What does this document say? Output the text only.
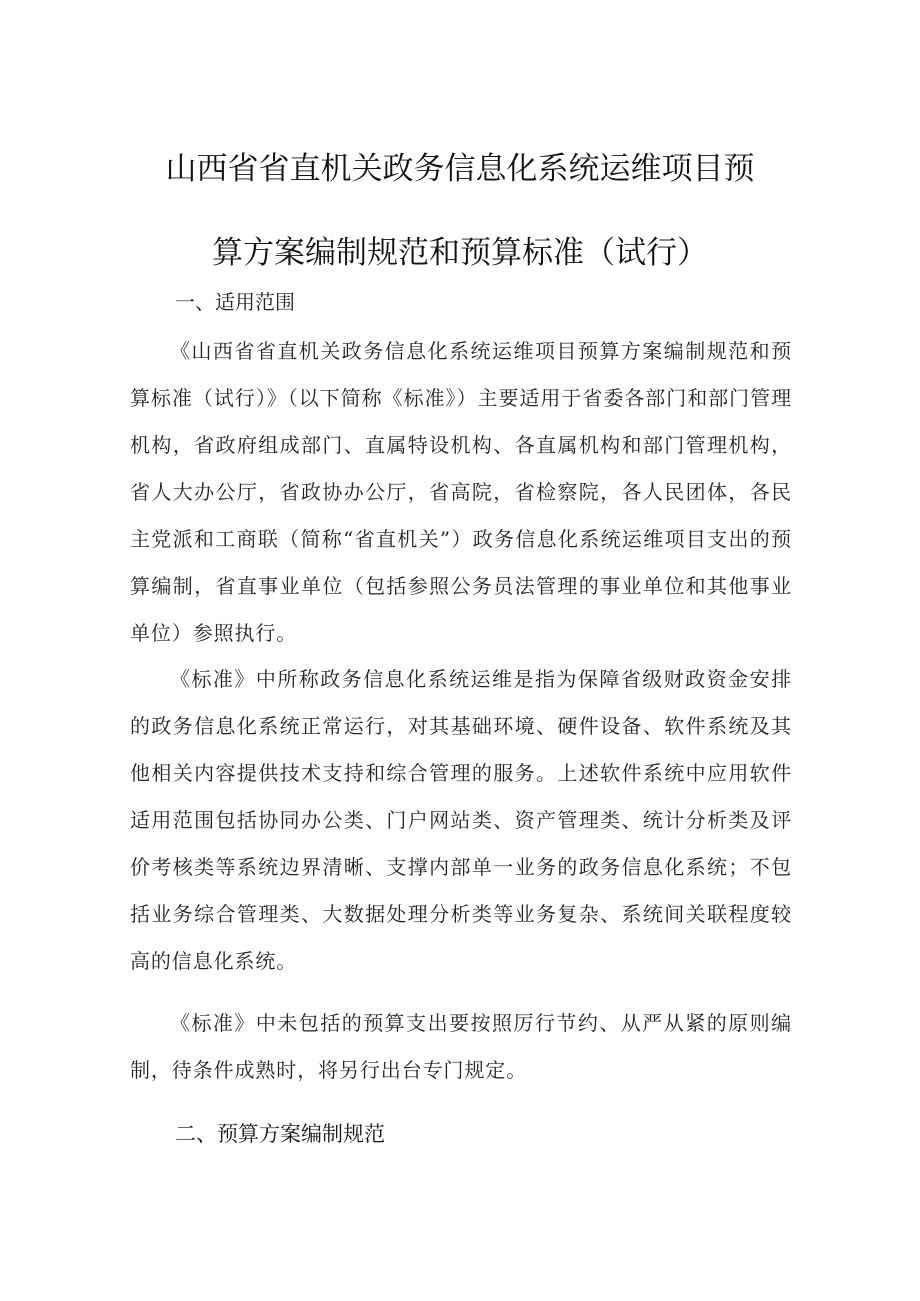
山西省省直机关政务信息化系统运维项目预
算方案编制规范和预算标准（试行）
一、适用范围

《山西省省直机关政务信息化系统运维项目预算方案编制规范和预算标准（试行）》（以下简称《标准》）主要适用于省委各部门和部门管理机构，省政府组成部门、直属特设机构、各直属机构和部门管理机构，省人大办公厅，省政协办公厅，省高院，省检察院，各人民团体，各民主党派和工商联（简称“省直机关”）政务信息化系统运维项目支出的预算编制，省直事业单位（包括参照公务员法管理的事业单位和其他事业单位）参照执行。

《标准》中所称政务信息化系统运维是指为保障省级财政资金安排的政务信息化系统正常运行，对其基础环境、硬件设备、软件系统及其他相关内容提供技术支持和综合管理的服务。上述软件系统中应用软件适用范围包括协同办公类、门户网站类、资产管理类、统计分析类及评价考核类等系统边界清晰、支撑内部单一业务的政务信息化系统；不包括业务综合管理类、大数据处理分析类等业务复杂、系统间关联程度较高的信息化系统。

《标准》中未包括的预算支出要按照厉行节约、从严从紧的原则编制，待条件成熟时，将另行出台专门规定。

二、预算方案编制规范
